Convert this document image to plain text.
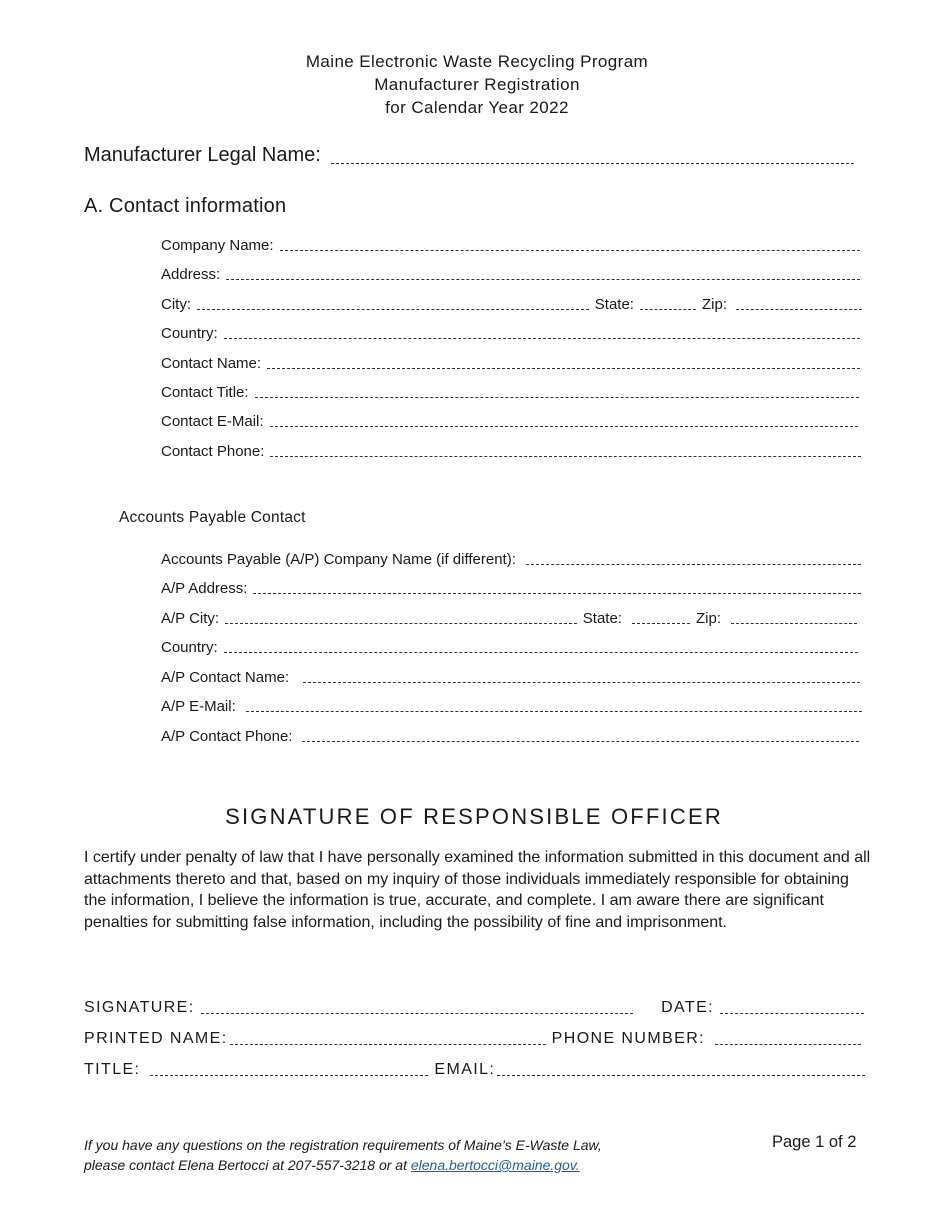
Maine Electronic Waste Recycling Program
Manufacturer Registration
for Calendar Year 2022
Manufacturer Legal Name:
A. Contact information
Company Name:
Address:
City:	State:	Zip:
Country:
Contact Name:
Contact Title:
Contact E-Mail:
Contact Phone:
Accounts Payable Contact
Accounts Payable (A/P) Company Name (if different):
A/P Address:
A/P City:	State:	Zip:
Country:
A/P Contact Name:
A/P E-Mail:
A/P Contact Phone:
SIGNATURE OF RESPONSIBLE OFFICER
I certify under penalty of law that I have personally examined the information submitted in this document and all attachments thereto and that, based on my inquiry of those individuals immediately responsible for obtaining the information, I believe the information is true, accurate, and complete. I am aware there are significant penalties for submitting false information, including the possibility of fine and imprisonment.
SIGNATURE:	DATE:
PRINTED NAME:	PHONE NUMBER:
TITLE:	EMAIL:
If you have any questions on the registration requirements of Maine’s E-Waste Law,
please contact Elena Bertocci at 207-557-3218 or at elena.bertocci@maine.gov.
Page 1 of 2
